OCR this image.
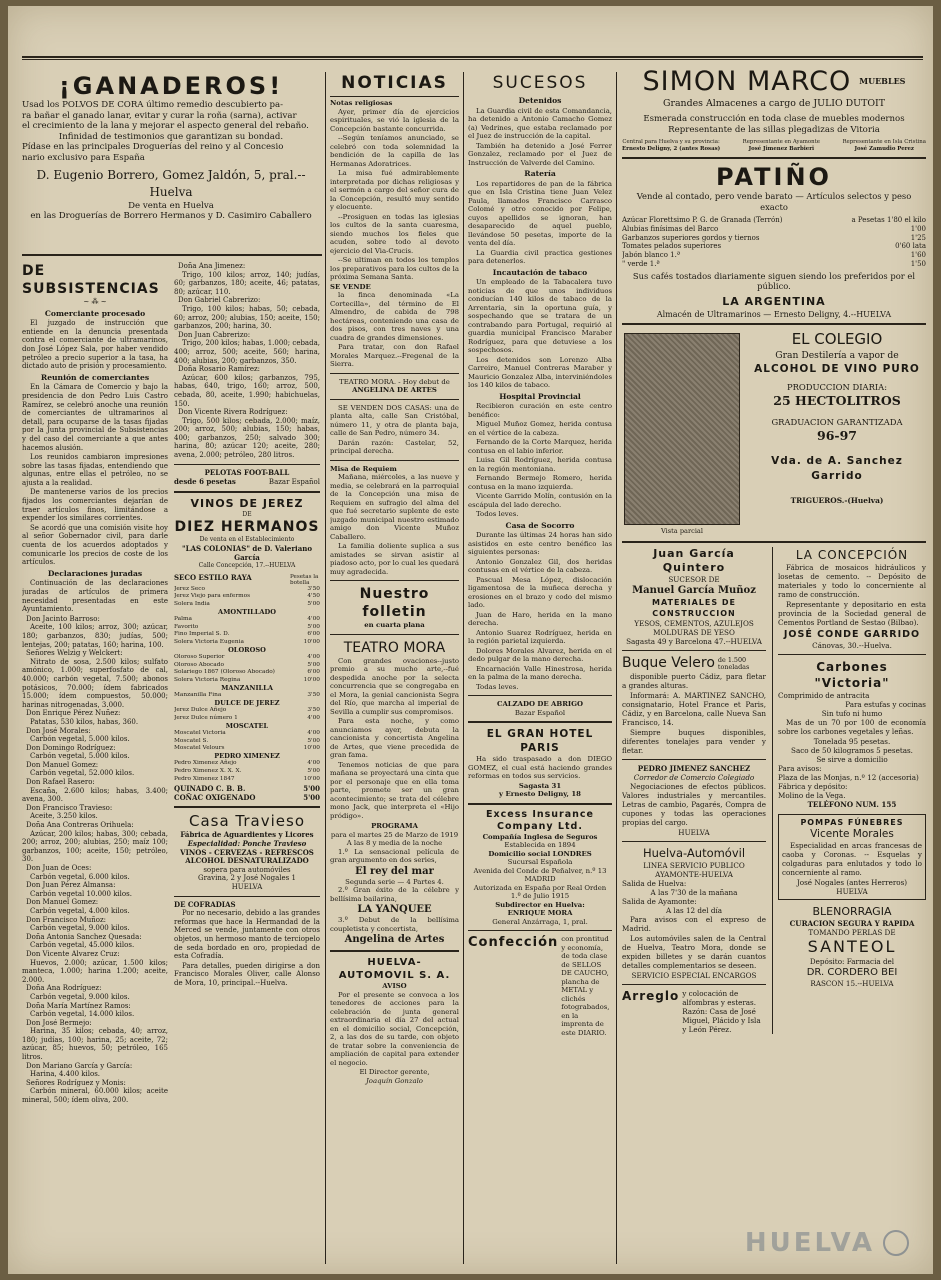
¡GANADEROS!
Usad los POLVOS DE CORA último remedio descubierto pa-
ra bañar el ganado lanar, evitar y curar la roña (sarna), activar
el crecimiento de la lana y mejorar el aspecto general del rebaño.
Infinidad de testimonios que garantizan su bondad.
Pídase en las principales Droguerías del reino y al Concesio
nario exclusivo para España
D. Eugenio Borrero, Gomez Jaldón, 5, pral.--Huelva
De venta en Huelva
en las Droguerías de Borrero Hermanos y D. Casimiro Caballero
DE SUBSISTENCIAS
~ ⁂ ~
Comerciante procesado
El juzgado de instrucción que entiende en la denuncia presentada contra el comerciante de ultramarinos, don José López Sala, por haber vendido petróleo a precio superior a la tasa, ha dictado auto de prisión y procesamiento.
Reunión de comerciantes
En la Cámara de Comercio y bajo la presidencia de don Pedro Luis Castro Ramírez, se celebró anoche una reunión de comerciantes de ultramarinos al detall, para ocuparse de la tasas fijadas por la Junta provincial de Subsistencias y del caso del comerciante a que antes hacemos alusión.
Los reunidos cambiaron impresiones sobre las tasas fijadas, entendiendo que algunas, entre ellas el petróleo, no se ajusta a la realidad.
De mantenerse varios de los precios fijados los comerciantes dejarían de traer artículos finos, limitándose a expender los similares corrientes.
Se acordó que una comisión visite hoy al señor Gobernador civil, para darle cuenta de los acuerdos adoptados y comunicarle los precios de coste de los artículos.
Declaraciones juradas
Continuación de las declaraciones juradas de artículos de primera necesidad presentadas en este Ayuntamiento.
Don Jacinto Barroso:
Aceite, 100 kilos; arroz, 300; azúcar, 180; garbanzos, 830; judías, 500; lentejas, 200; patatas, 160; harina, 100.
Señores Welzig y Welckert:
Nitrato de sosa, 2.500 kilos; sulfato amónico, 1.000; superfosfato de cal, 40.000; carbón vegetal, 7.500; abonos potásicos, 70.000; ídem fabricados 15.000; ídem compuestos, 50.000; harinas nitrogenadas, 3.000.
Don Enrique Pérez Nuñez:
Patatas, 530 kilos, habas, 360.
Don José Morales:
Carbón vegetal, 5.000 kilos.
Don Domingo Rodríguez:
Carbón vegetal, 5.000 kilos.
Don Manuel Gomez:
Carbón vegetal, 52.000 kilos.
Don Rafael Rasero:
Escaña, 2.600 kilos; habas, 3.400; avena, 300.
Don Francisco Travieso:
Aceite, 3.250 kilos.
Doña Ana Contreras Orihuela:
Azúcar, 200 kilos; habas, 300; cebada, 200; arroz, 200; alubias, 250; maíz 100; garbanzos, 100; aceite, 150; petróleo, 30.
Don Juan de Oces:
Carbón vegetal, 6.000 kilos.
Don Juan Pérez Almansa:
Carbón vegetal 10.000 kilos.
Don Manuel Gomez:
Carbón vegetal, 4.000 kilos.
Don Francisco Muñoz:
Carbón vegetal, 9.000 kilos.
Doña Antonia Sanchez Quesada:
Carbón vegetal, 45.000 kilos.
Don Vicente Alvarez Cruz:
Huevos, 2.000; azúcar, 1.500 kilos; manteca, 1.000; harina 1.200; aceite, 2.000.
Doña Ana Rodríguez:
Carbón vegetal, 9.000 kilos.
Doña María Martínez Ramos:
Carbón vegetal, 14.000 kilos.
Don José Bermejo:
Harina, 35 kilos; cebada, 40; arroz, 180; judías, 100; harina, 25; aceite, 72; azúcar, 85; huevos, 50; petróleo, 165 litros.
Don Mariano García y García:
Harina, 4.400 kilos.
Señores Rodríguez y Monis:
Carbón mineral, 60.000 kilos; aceite mineral, 500; ídem oliva, 200.
Doña Ana Jimenez:
Trigo, 100 kilos; arroz, 140; judías, 60; garbanzos, 180; aceite, 46; patatas, 80; azúcar, 110.
Don Gabriel Cabrerizo:
Trigo, 100 kilos; habas, 50; cebada, 60; arroz, 200; alubias, 150; aceite, 150; garbanzos, 200; harina, 30.
Don Juan Cabrerizo:
Trigo, 200 kilos; habas, 1.000; cebada, 400; arroz, 500; aceite, 560; harina, 400; alubias, 200; garbanzos, 350.
Doña Rosario Ramírez:
Azúcar, 600 kilos; garbanzos, 795, habas, 640, trigo, 160; arroz, 500, cebada, 80, aceite, 1.990; habichuelas, 150.
Don Vicente Rivera Rodríguez:
Trigo, 500 kilos; cebada, 2.000; maíz, 200; arroz, 500; alubias, 150; habas, 400; garbanzos, 250; salvado 300; harina, 80; azúcar 120; aceite, 280; avena, 2.000; petróleo, 280 litros.
PELOTAS FOOT-BALL
desde 6 pesetas	Bazar Español
VINOS DE JEREZ
DE
DIEZ HERMANOS
De venta en el Establecimiento
"LAS COLONIAS" de D. Valeriano García
Calle Concepción, 17.--HUELVA
SECO ESTILO RAYA	Pesetas la botella
Jerez Seco	3'50
Jerez Viejo para enfermos	4'50
Solera India	5'00
AMONTILLADO
Palma	4'00
Favorito	5'00
Fino Imperial S. D.	6'00
Solera Victoria Eugenia	10'00
OLOROSO
Oloroso Superior	4'00
Oloroso Abocado	5'00
Solariego 1867 (Oloroso Abocado)	6'00
Solera Victoria Regina	10'00
MANZANILLA
Manzanilla Fina	3'50
DULCE DE JEREZ
Jerez Dulce Añejo	3'50
Jerez Dulce número 1	4'00
MOSCATEL
Moscatel Victoria	4'00
Moscatel S.	5'00
Moscatel Velours	10'00
PEDRO XIMENEZ
Pedro Ximenez Añejo	4'00
Pedro Ximenez X. X. X.	5'00
Pedro Ximenez 1847	10'00
QUINADO C. B. B.	5'00
COÑAC OXIGENADO	5'00
Casa Travieso
Fábrica de Aguardientes y Licores
Especialidad: Ponche Travieso
VINOS - CERVEZAS - REFRESCOS
ALCOHOL DESNATURALIZADO
sopera para automóviles
Gravina, 2 y José Nogales 1
HUELVA
DE COFRADIAS
Por no necesario, debido a las grandes reformas que hace la Hermandad de la Merced se vende, juntamente con otros objetos, un hermoso manto de terciopelo de seda bordado en oro, propiedad de esta Cofradía.
Para detalles, pueden dirigirse a don Francisco Morales Oliver, calle Alonso de Mora, 10, principal.--Huelva.
NOTICIAS
Notas religiosas
Ayer, primer día de ejercicios espirituales, se vió la iglesia de la Concepción bastante concurrida.
--Según teníamos anunciado, se celebró con toda solemnidad la bendición de la capilla de las Hermanas Adoratrices.
La misa fué admirablemente interpretada por dichas religiosas y el sermón a cargo del señor cura de la Concepción, resultó muy sentido y elocuente.
--Prosiguen en todas las iglesias los cultos de la santa cuaresma, siendo muchos los fieles que acuden, sobre todo al devoto ejercicio del Via-Crucis.
--Se ultiman en todos los templos los preparativos para los cultos de la próxima Semana Santa.
SE VENDE
la finca denominada «La Cortecilla», del término de El Almendro, de cabida de 798 hectáreas, conteniendo una casa de dos pisos, con tres naves y una cuadra de grandes dimensiones.
Para tratar, con don Rafael Morales Marquez.--Fregenal de la Sierra.
TEATRO MORA. - Hoy debut de
ANGELINA DE ARTES
SE VENDEN DOS CASAS: una de planta alta, calle San Cristóbal, número 11, y otra de planta baja, calle de San Pedro, número 34.
Darán razón: Castelar, 52, principal derecha.
Misa de Requiem
Mañana, miércoles, a las nueve y media, se celebrará en la parroquial de la Concepción una misa de Requiem en sufragio del alma del que fué secretario suplente de este juzgado municipal nuestro estimado amigo don Vicente Muñoz Caballero.
La familia doliente suplica a sus amistades se sirvan asistir al piadoso acto, por lo cual les quedará muy agradecida.
Nuestro folletin
en cuarta plana
TEATRO MORA
Con grandes ovaciones--justo premio a su mucho arte,--fué despedida anoche por la selecta concurrencia que se congregaba en el Mora, la genial cancionista Segra del Río, que marcha al imperial de Sevilla a cumplir sus compromisos.
Para esta noche, y como anunciamos ayer, debuta la cancionista y concertista Angelina de Artes, que viene precedida de gran fama.
Tenemos noticias de que para mañana se proyectará una cinta que por el personaje que en ella toma parte, promete ser un gran acontecimiento; se trata del célebre mono Jack, que interpreta el «Hijo pródigo».
PROGRAMA
para el martes 25 de Marzo de 1919
A las 8 y media de la noche
1.º La sensacional película de gran argumento en dos series,
El rey del mar
Segunda serie — 4 Partes 4.
2.º Gran éxito de la célebre y bellísima bailarina,
LA YANQUEE
3.º Debut de la bellísima coupletista y concertista,
Angelina de Artes
HUELVA-AUTOMOVIL S. A.
AVISO
Por el presente se convoca a los tenedores de acciones para la celebración de junta general extraordinaria el día 27 del actual en el domicilio social, Concepción, 2, a las dos de su tarde, con objeto de tratar sobre la conveniencia de ampliación de capital para extender el negocio.
El Director gerente,
Joaquín Gonzalo
SUCESOS
Detenidos
La Guardia civil de esta Comandancia, ha detenido a Antonio Camacho Gomez (a) Vedrines, que estaba reclamado por el Juez de instrucción de la capital.
También ha detenido a José Ferrer Gonzalez, reclamado por el Juez de Instrucción de Valverde del Camino.
Ratería
Los repartidores de pan de la fábrica que en Isla Cristina tiene Juan Velez Paula, llamados Francisco Carrasco Colomé y otro conocido por Felipe, cuyos apellidos se ignoran, han desaparecido de aquel pueblo, llevándose 50 pesetas, importe de la venta del día.
La Guardia civil practica gestiones para detenerlos.
Incautación de tabaco
Un empleado de la Tabacalera tuvo noticias de que unos individuos conducían 140 kilos de tabaco de la Arrentaria, sin la oportuna guía, y sospechando que se tratara de un contrabando para Portugal, requirió al guardia municipal Francisco Maraber Rodríguez, para que detuviese a los sospechosos.
Los detenidos son Lorenzo Alba Carreiro, Manuel Contreras Maraber y Mauricio Gonzalez Alba, interviniéndoles los 140 kilos de tabaco.
Hospital Provincial
Recibieron curación en este centro benéfico:
Miguel Muñoz Gomez, herida contusa en el vértice de la cabeza.
Fernando de la Corte Marquez, herida contusa en el labio inferior.
Luisa Gil Rodríguez, herida contusa en la región mentoniana.
Fernando Bermejo Romero, herida contusa en la mano izquierda.
Vicente Garrido Molín, contusión en la escápula del lado derecho.
Todos leves.
Casa de Socorro
Durante las últimas 24 horas han sido asistidos en este centro benéfico las siguientes personas:
Antonio Gonzalez Gil, dos heridas contusas en el vértice de la cabeza.
Pascual Mesa López, dislocación ligamentosa de la muñeca derecha y erosiones en el brazo y codo del mismo lado.
Juan de Haro, herida en la mano derecha.
Antonio Suarez Rodríguez, herida en la región parietal izquierda.
Dolores Morales Alvarez, herida en el dedo pulgar de la mano derecha.
Encarnación Valle Hinestrosa, herida en la palma de la mano derecha.
Todas leves.
CALZADO DE ABRIGO
Bazar Español
EL GRAN HOTEL PARIS
Ha sido traspasado a don DIEGO GOMEZ, el cual está haciendo grandes reformas en todos sus servicios.
Sagasta 31
y Ernesto Deligny, 18
Excess Insurance Company Ltd.
Compañía Inglesa de Seguros
Establecida en 1894
Domicilio social LONDRES
Sucursal Española
Avenida del Conde de Peñalver, n.º 13
MADRID
Autorizada en España por Real Orden 1.º de Julio 1915
Subdirector en Huelva:
ENRIQUE MORA
General Anzárraga, 1, pral.
Confección con prontitud y economía, de toda clase de SELLOS DE CAUCHO, plancha de METAL y clichés fotograbados, en la imprenta de este DIARIO.
SIMON MARCO MUEBLES
Grandes Almacenes a cargo de JULIO DUTOIT
Esmerada construcción en toda clase de muebles modernos
Representante de las sillas plegadizas de Vitoria
Central para Huelva y su provincia:
Ernesto Deligny, 2 (antes Rosas)
Representante en Ayamonte
José Jimenez Barbieri
Representante en Isla Cristina
José Zamudio Perez
PATIÑO
Vende al contado, pero vende barato — Artículos selectos y peso exacto
Azúcar Florettsimo P. G. de Granada (Terrón)	a Pesetas 1'80 el kilo
Alubias finísimas del Barco	1'00
Garbanzos superiores gordos y tiernos	1'25
Tomates pelados superiores	0'60 lata
Jabón blanco 1.ª	1'60
" verde 1.ª	1'50
Sus cafés tostados diariamente siguen siendo los preferidos por el público.
LA ARGENTINA
Almacén de Ultramarinos — Ernesto Deligny, 4.--HUELVA
Vista parcial
EL COLEGIO
Gran Destilería a vapor de
ALCOHOL DE VINO PURO
PRODUCCION DIARIA:
25 HECTOLITROS
GRADUACION GARANTIZADA
96-97
Vda. de A. Sanchez Garrido
TRIGUEROS.-(Huelva)
Juan García Quintero
SUCESOR DE
Manuel García Muñoz
MATERIALES DE CONSTRUCCION
YESOS, CEMENTOS, AZULEJOS
MOLDURAS DE YESO
Sagasta 49 y Barcelona 47.--HUELVA
Buque Velero de 1.500 toneladas
disponible puerto Cádiz, para fletar a grandes alturas.
Informará: A. MARTINEZ SANCHO, consignatario, Hotel France et Paris, Cádiz, y en Barcelona, calle Nueva San Francisco, 14.
Siempre buques disponibles, diferentes tonelajes para vender y fletar.
PEDRO JIMENEZ SANCHEZ
Corredor de Comercio Colegiado
Negociaciones de efectos públicos. Valores industriales y mercantiles. Letras de cambio, Pagarés, Compra de cupones y todas las operaciones propias del cargo.
HUELVA
Huelva-Automóvil
LINEA SERVICIO PUBLICO
AYAMONTE-HUELVA
Salida de Huelva:
A las 7'30 de la mañana
Salida de Ayamonte:
A las 12 del día
Para avisos con el expreso de Madrid.
Los automóviles salen de la Central de Huelva, Teatro Mora, donde se expiden billetes y se darán cuantos detalles complementarios se deseen.
SERVICIO ESPECIAL ENCARGOS
Arreglo y colocación de alfombras y esteras. Razón: Casa de José Miguel, Plácido y Isla y León Pérez.
LA CONCEPCIÓN
Fábrica de mosaicos hidráulicos y losetas de cemento. -- Depósito de materiales y todo lo concerniente al ramo de construcción.
Representante y depositario en esta provincia de la Sociedad general de Cementos Portland de Sestao (Bilbao).
JOSÉ CONDE GARRIDO
Cánovas, 30.--Huelva.
Carbones "Victoria"
Comprimido de antracita
Para estufas y cocinas
Sin tufo ni humo
Mas de un 70 por 100 de economía sobre los carbones vegetales y leñas.
Tonelada 95 pesetas.
Saco de 50 kilogramos 5 pesetas.
Se sirve a domicilio
Para avisos:
Plaza de las Monjas, n.º 12 (accesoria)
Fábrica y depósito:
Molino de la Vega.
TELÉFONO NUM. 155
POMPAS FÚNEBRES
Vicente Morales
Especialidad en arcas francesas de caoba y Coronas. -- Esquelas y colgaduras para enlutados y todo lo concerniente al ramo.
José Nogales (antes Herreros)
HUELVA
BLENORRAGIA
CURACION SEGURA Y RAPIDA
TOMANDO PERLAS DE
SANTEOL
Depósito: Farmacia del
DR. CORDERO BEI
RASCON 15.--HUELVA
HUELVA
